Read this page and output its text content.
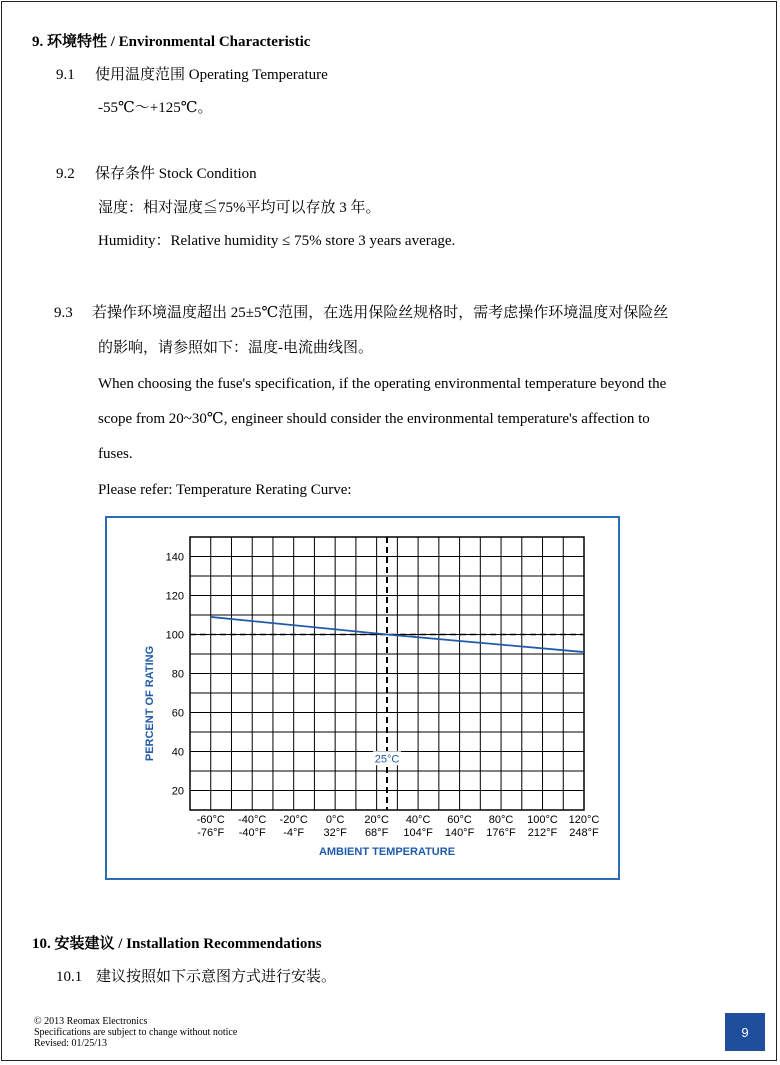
9. 环境特性 / Environmental Characteristic
9.1 使用温度范围 Operating Temperature
-55℃～+125℃。
9.2 保存条件 Stock Condition
湿度：相对湿度≦75%平均可以存放 3 年。
Humidity：Relative humidity ≤ 75% store 3 years average.
9.3 若操作环境温度超出 25±5℃范围，在选用保险丝规格时，需考虑操作环境温度对保险丝
的影响，请参照如下：温度-电流曲线图。
When choosing the fuse's specification, if the operating environmental temperature beyond the
scope from 20~30℃, engineer should consider the environmental temperature's affection to
fuses.
Please refer: Temperature Rerating Curve:
20
40
60
80
100
120
140
-60°C
-76°F
-40°C
-40°F
-20°C
-4°F
0°C
32°F
20°C
68°F
40°C
104°F
60°C
140°F
80°C
176°F
100°C
212°F
120°C
248°F
25°C
AMBIENT TEMPERATURE
PERCENT OF RATING
10. 安装建议 / Installation Recommendations
10.1 建议按照如下示意图方式进行安装。
© 2013 Reomax Electronics
Specifications are subject to change without notice
Revised: 01/25/13
9
